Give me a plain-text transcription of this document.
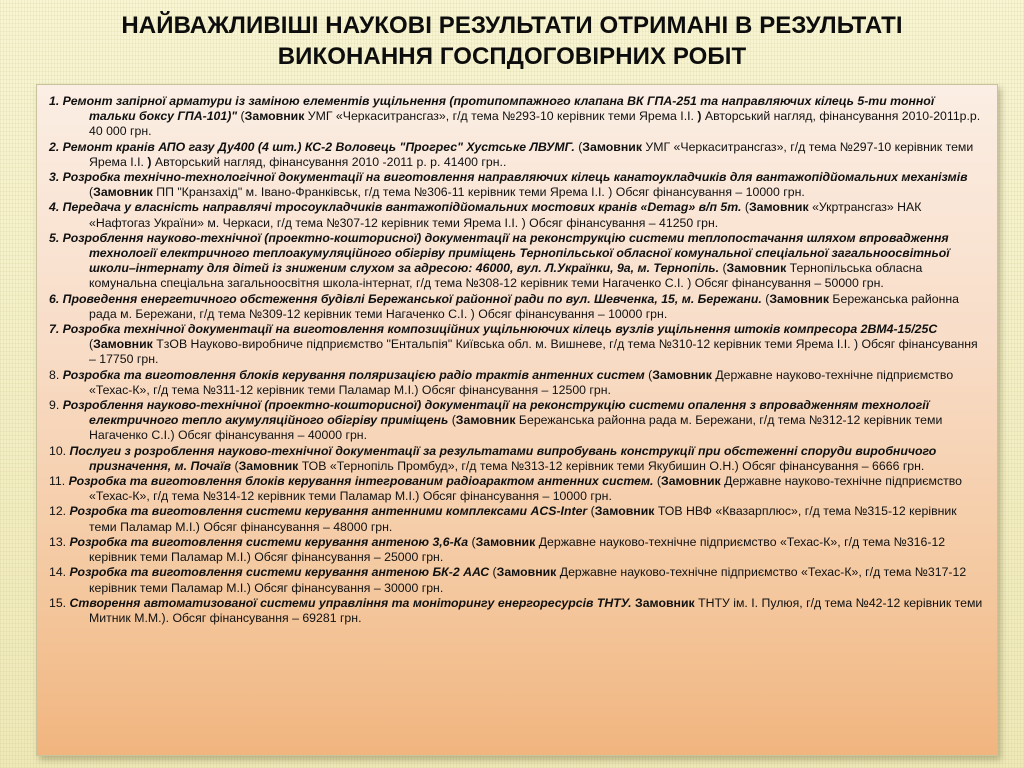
НАЙВАЖЛИВІШІ НАУКОВІ РЕЗУЛЬТАТИ ОТРИМАНІ В РЕЗУЛЬТАТІ
ВИКОНАННЯ ГОСПДОГОВІРНИХ РОБІТ
1. Ремонт запірної арматури із заміною елементів ущільнення (протипомпажного клапана ВК ГПА-251 та направляючих кілець 5-ти тонної тальки боксу ГПА-101)" (Замовник УМГ «Черкаситрансгаз», г/д тема №293-10 керівник теми Ярема І.І. ) Авторський нагляд, фінансування 2010-2011р.р. 40 000 грн.
2. Ремонт кранів АПО газу Ду400 (4 шт.) КС-2 Воловець "Прогрес" Хустське ЛВУМГ. (Замовник УМГ «Черкаситрансгаз», г/д тема №297-10 керівник теми Ярема І.І. ) Авторський нагляд, фінансування 2010 -2011 р. р. 41400 грн..
3. Розробка технічно-технологічної документації на виготовлення направляючих кілець канатоукладчиків для вантажопідйомальних механізмів (Замовник ПП "Кранзахід" м. Івано-Франківськ, г/д тема №306-11 керівник теми Ярема І.І. ) Обсяг фінансування – 10000 грн.
4. Передача у власність направлячі тросоукладчиків вантажопідйомальних мостових кранів «Demag» в/п 5т. (Замовник «Укртрансгаз» НАК «Нафтогаз України» м. Черкаси, г/д тема №307-12 керівник теми Ярема І.І. ) Обсяг фінансування – 41250 грн.
5. Розроблення науково-технічної (проектно-кошторисної) документації на реконструкцію системи теплопостачання шляхом впровадження технології електричного теплоакумуляційного обігріву приміщень Тернопільської обласної комунальної спеціальної загальноосвітньої школи–інтернату для дітей із зниженим слухом за адресою: 46000, вул. Л.Українки, 9а, м. Тернопіль. (Замовник Тернопільська обласна комунальна спеціальна загальноосвітня школа-інтернат, г/д тема №308-12 керівник теми Нагаченко С.І. ) Обсяг фінансування – 50000 грн.
6. Проведення енергетичного обстеження будівлі Бережанської районної ради по вул. Шевченка, 15, м. Бережани. (Замовник Бережанська районна рада м. Бережани, г/д тема №309-12 керівник теми Нагаченко С.І. ) Обсяг фінансування – 10000 грн.
7. Розробка технічної документації на виготовлення композиційних ущільнюючих кілець вузлів ущільнення штоків компресора 2ВМ4-15/25С (Замовник ТзОВ Науково-виробниче підприємство "Ентальпія" Київська обл. м. Вишневе, г/д тема №310-12 керівник теми Ярема І.І. ) Обсяг фінансування – 17750 грн.
8. Розробка та виготовлення блоків керування поляризацією радіо трактів антенних систем (Замовник Державне науково-технічне підприємство «Техас-К», г/д тема №311-12 керівник теми Паламар М.І.) Обсяг фінансування – 12500 грн.
9. Розроблення науково-технічної (проектно-кошторисної) документації на реконструкцію системи опалення з впровадженням технології електричного тепло акумуляційного обігріву приміщень (Замовник Бережанська районна рада м. Бережани, г/д тема №312-12 керівник теми Нагаченко С.І.) Обсяг фінансування – 40000 грн.
10. Послуги з розроблення науково-технічної документації за результатами випробувань конструкції при обстеженні споруди виробничого призначення, м. Почаїв (Замовник ТОВ «Тернопіль Промбуд», г/д тема №313-12 керівник теми Якубишин О.Н.) Обсяг фінансування – 6666 грн.
11. Розробка та виготовлення блоків керування інтегрованим радіоарактом антенних систем. (Замовник Державне науково-технічне підприємство «Техас-К», г/д тема №314-12 керівник теми Паламар М.І.) Обсяг фінансування – 10000 грн.
12. Розробка та виготовлення системи керування антенними комплексами ACS-Inter (Замовник ТОВ НВФ «Квазарплюс», г/д тема №315-12 керівник теми Паламар М.І.) Обсяг фінансування – 48000 грн.
13. Розробка та виготовлення системи керування антеною 3,6-Ка (Замовник Державне науково-технічне підприємство «Техас-К», г/д тема №316-12 керівник теми Паламар М.І.) Обсяг фінансування – 25000 грн.
14. Розробка та виготовлення системи керування антеною БК-2 ААС (Замовник Державне науково-технічне підприємство «Техас-К», г/д тема №317-12 керівник теми Паламар М.І.) Обсяг фінансування – 30000 грн.
15. Створення автоматизованої системи управління та моніторингу енергоресурсів ТНТУ. Замовник ТНТУ ім. І. Пулюя, г/д тема №42-12 керівник теми Митник М.М.). Обсяг фінансування – 69281 грн.
